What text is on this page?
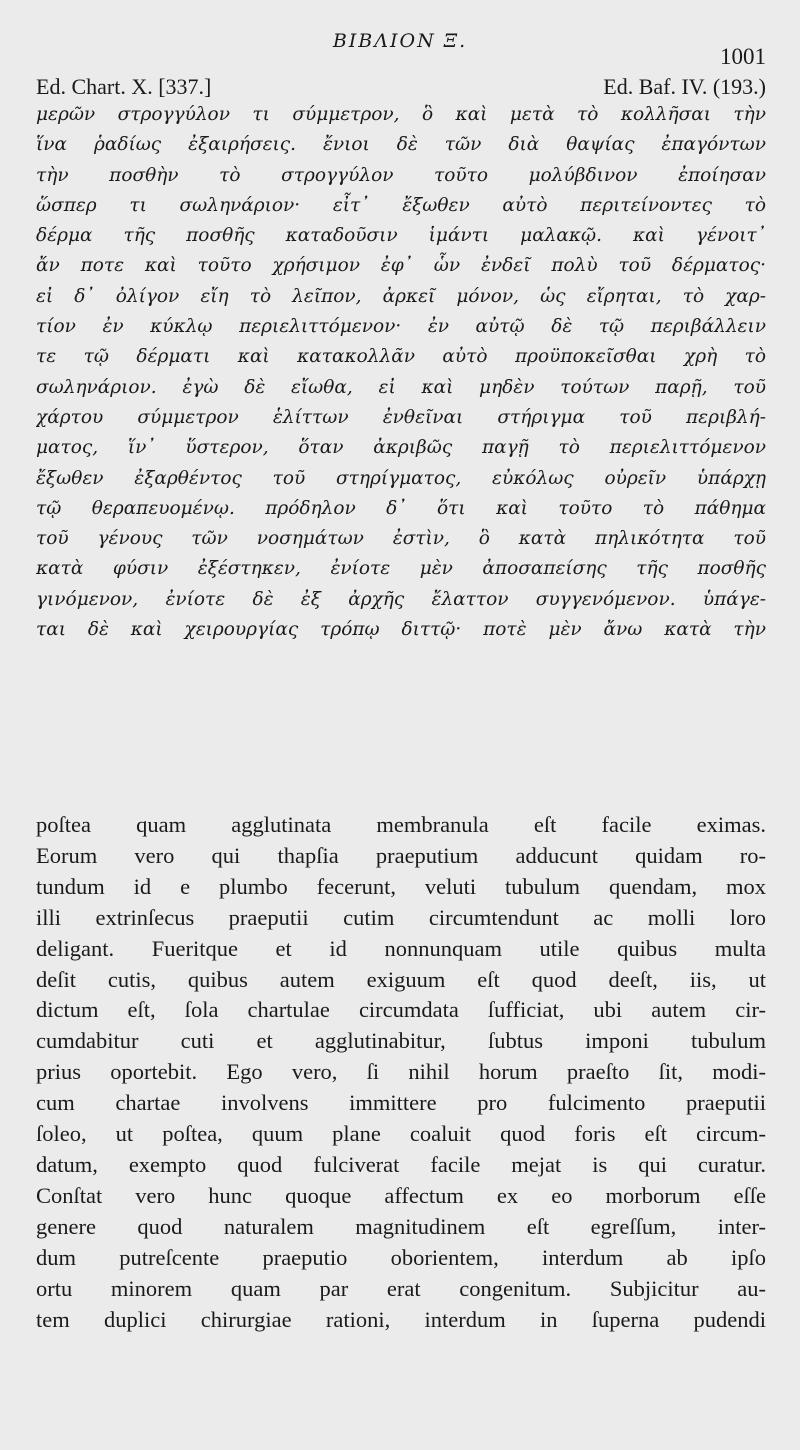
BIBΛION Ξ.
1001
Ed. Chart. X. [337.]	Ed. Baf. IV. (193.)
μερῶν στρογγύλον τι σύμμετρον, ὃ καὶ μετὰ τὸ κολλῆσαι τὴν
ἵνα ῥαδίως ἐξαιρήσεις. ἔνιοι δὲ τῶν διὰ θαψίας ἐπαγόντων
τὴν ποσθὴν τὸ στρογγύλον τοῦτο μολύβδινον ἐποίησαν
ὥσπερ τι σωληνάριον· εἶτ᾽ ἔξωθεν αὐτὸ περιτείνοντες τὸ
δέρμα τῆς ποσθῆς καταδοῦσιν ἱμάντι μαλακῷ. καὶ γένοιτ᾽
ἄν ποτε καὶ τοῦτο χρήσιμον ἐφ᾽ ὧν ἐνδεῖ πολὺ τοῦ δέρματος·
εἰ δ᾽ ὀλίγον εἴη τὸ λεῖπον, ἀρκεῖ μόνον, ὡς εἴρηται, τὸ χαρ-
τίον ἐν κύκλῳ περιελιττόμενον· ἐν αὐτῷ δὲ τῷ περιβάλλειν
τε τῷ δέρματι καὶ κατακολλᾶν αὐτὸ προϋποκεῖσθαι χρὴ τὸ
σωληνάριον. ἐγὼ δὲ εἴωθα, εἰ καὶ μηδὲν τούτων παρῇ, τοῦ
χάρτου σύμμετρον ἑλίττων ἐνθεῖναι στήριγμα τοῦ περιβλή-
ματος, ἵν᾽ ὕστερον, ὅταν ἀκριβῶς παγῇ τὸ περιελιττόμενον
ἔξωθεν ἐξαρθέντος τοῦ στηρίγματος, εὐκόλως οὐρεῖν ὑπάρχῃ
τῷ θεραπευομένῳ. πρόδηλον δ᾽ ὅτι καὶ τοῦτο τὸ πάθημα
τοῦ γένους τῶν νοσημάτων ἐστὶν, ὃ κατὰ πηλικότητα τοῦ
κατὰ φύσιν ἐξέστηκεν, ἐνίοτε μὲν ἀποσαπείσης τῆς ποσθῆς
γινόμενον, ἐνίοτε δὲ ἐξ ἀρχῆς ἔλαττον συγγενόμενον. ὑπάγε-
ται δὲ καὶ χειρουργίας τρόπῳ διττῷ· ποτὲ μὲν ἄνω κατὰ τὴν
poſtea quam agglutinata membranula eſt facile eximas.
Eorum vero qui thapſia praeputium adducunt quidam ro-
tundum id e plumbo fecerunt, veluti tubulum quendam, mox
illi extrinſecus praeputii cutim circumtendunt ac molli loro
deligant. Fueritque et id nonnunquam utile quibus multa
deſit cutis, quibus autem exiguum eſt quod deeſt, iis, ut
dictum eſt, ſola chartulae circumdata ſufficiat, ubi autem cir-
cumdabitur cuti et agglutinabitur, ſubtus imponi tubulum
prius oportebit. Ego vero, ſi nihil horum praeſto ſit, modi-
cum chartae involvens immittere pro fulcimento praeputii
ſoleo, ut poſtea, quum plane coaluit quod foris eſt circum-
datum, exempto quod fulciverat facile mejat is qui curatur.
Conſtat vero hunc quoque affectum ex eo morborum eſſe
genere quod naturalem magnitudinem eſt egreſſum, inter-
dum putreſcente praeputio oborientem, interdum ab ipſo
ortu minorem quam par erat congenitum. Subjicitur au-
tem duplici chirurgiae rationi, interdum in ſuperna pudendi
